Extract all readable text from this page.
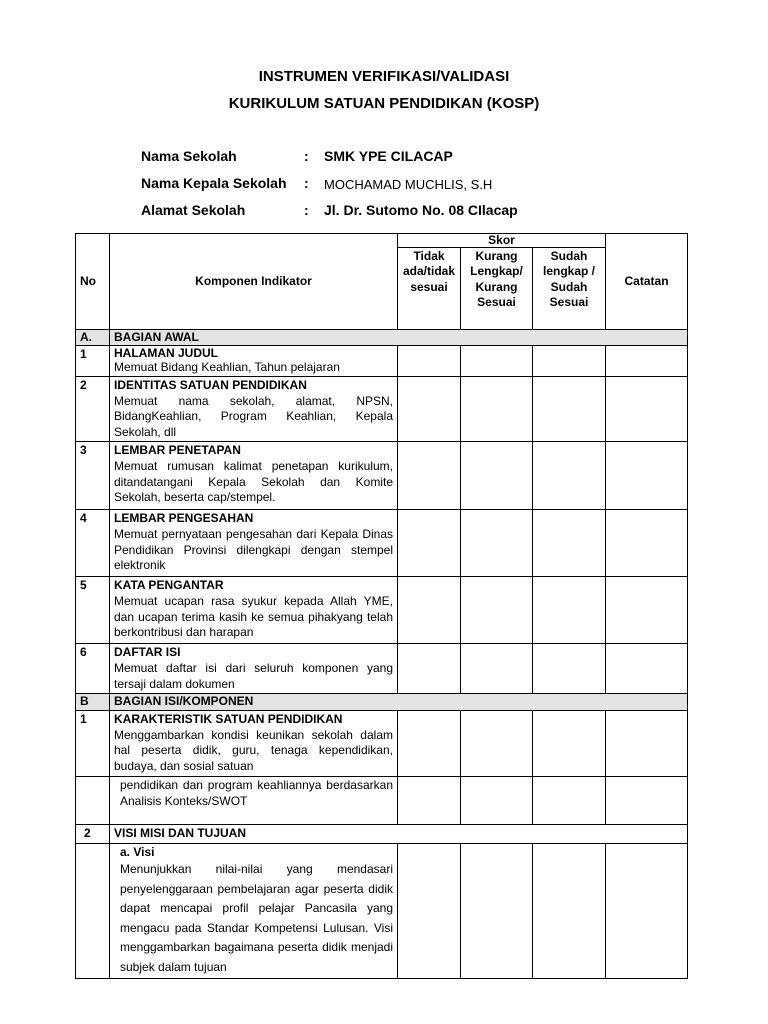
INSTRUMEN VERIFIKASI/VALIDASI
KURIKULUM SATUAN PENDIDIKAN (KOSP)
Nama Sekolah	: SMK YPE CILACAP
Nama Kepala Sekolah : MOCHAMAD MUCHLIS, S.H
Alamat Sekolah	: Jl. Dr. Sutomo No. 08 CIlacap
No	Komponen Indikator	Skor			Catatan
		Tidak ada/tidak sesuai	Kurang Lengkap/ Kurang Sesuai	Sudah lengkap / Sudah Sesuai	
A.	BAGIAN AWAL				
1	HALAMAN JUDUL
Memuat Bidang Keahlian, Tahun pelajaran				

2	IDENTITAS SATUAN PENDIDIKAN
Memuat nama sekolah, alamat, NPSN, BidangKeahlian, Program Keahlian, Kepala Sekolah, dll				

3	LEMBAR PENETAPAN
Memuat rumusan kalimat penetapan kurikulum, ditandatangani Kepala Sekolah dan Komite Sekolah, beserta cap/stempel.				

4	LEMBAR PENGESAHAN
Memuat pernyataan pengesahan dari Kepala Dinas Pendidikan Provinsi dilengkapi dengan stempel elektronik				

5	KATA PENGANTAR
Memuat ucapan rasa syukur kepada Allah YME, dan ucapan terima kasih ke semua pihakyang telah berkontribusi dan harapan				

6	DAFTAR ISI
Memuat daftar isi dari seluruh komponen yang tersaji dalam dokumen				

B	BAGIAN ISI/KOMPONEN				
1	KARAKTERISTIK SATUAN PENDIDIKAN
Menggambarkan kondisi keunikan sekolah dalam hal peserta didik, guru, tenaga kependidikan, budaya, dan sosial satuan				

	pendidikan dan program keahliannya berdasarkan Analisis Konteks/SWOT				

2	VISI MISI DAN TUJUAN				

	a. Visi
Menunjukkan nilai-nilai yang mendasari penyelenggaraan pembelajaran agar peserta didik dapat mencapai profil pelajar Pancasila yang mengacu pada Standar Kompetensi Lulusan. Visi menggambarkan bagaimana peserta didik menjadi subjek dalam tujuan				
